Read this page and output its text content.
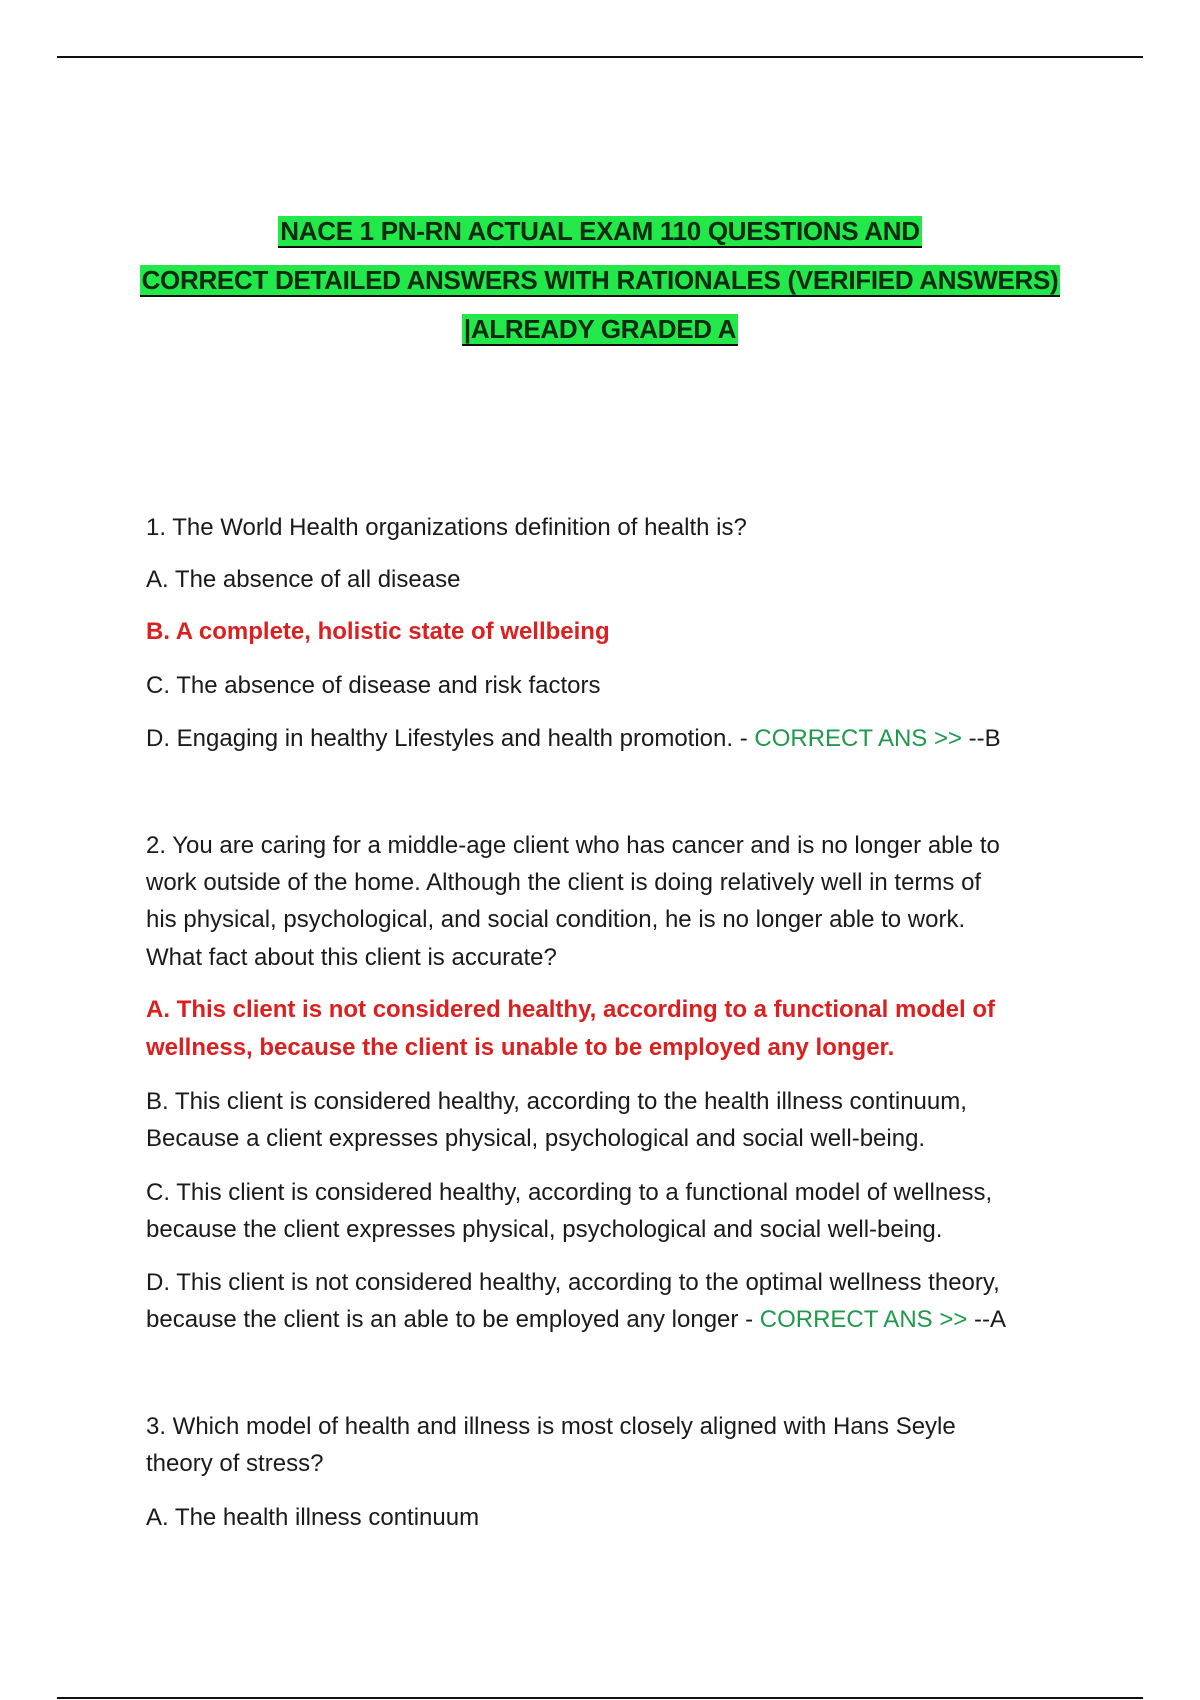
NACE 1 PN-RN ACTUAL EXAM 110 QUESTIONS AND
CORRECT DETAILED ANSWERS WITH RATIONALES (VERIFIED ANSWERS)
|ALREADY GRADED A
1. The World Health organizations definition of health is?
A. The absence of all disease
B. A complete, holistic state of wellbeing
C. The absence of disease and risk factors
D. Engaging in healthy Lifestyles and health promotion. - CORRECT ANS >> --B
2. You are caring for a middle-age client who has cancer and is no longer able to
work outside of the home. Although the client is doing relatively well in terms of
his physical, psychological, and social condition, he is no longer able to work.
What fact about this client is accurate?
A. This client is not considered healthy, according to a functional model of
wellness, because the client is unable to be employed any longer.
B. This client is considered healthy, according to the health illness continuum,
Because a client expresses physical, psychological and social well-being.
C. This client is considered healthy, according to a functional model of wellness,
because the client expresses physical, psychological and social well-being.
D. This client is not considered healthy, according to the optimal wellness theory,
because the client is an able to be employed any longer - CORRECT ANS >> --A
3. Which model of health and illness is most closely aligned with Hans Seyle
theory of stress?
A. The health illness continuum
